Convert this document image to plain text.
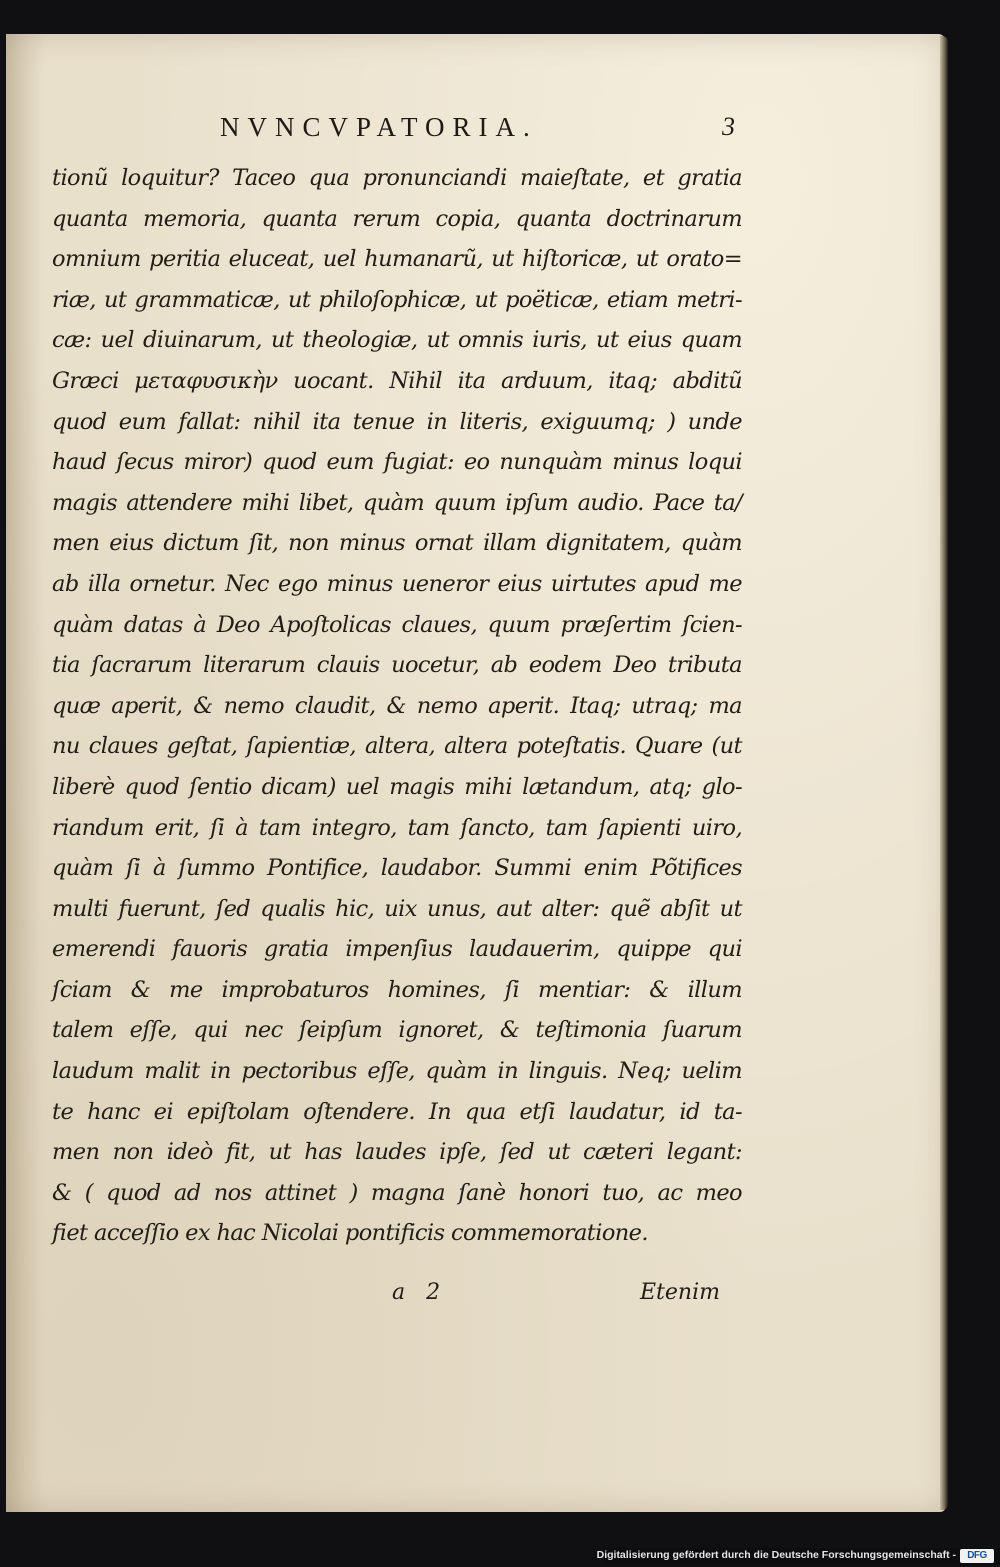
NVNCVPATORIA.	3
tionũ loquitur? Taceo qua pronunciandi maieſtate, et gratia
quanta memoria, quanta rerum copia, quanta doctrinarum
omnium peritia eluceat, uel humanarũ, ut hiſtoricæ, ut orato=
riæ, ut grammaticæ, ut philoſophicæ, ut poëticæ, etiam metri-
cæ: uel diuinarum, ut theologiæ, ut omnis iuris, ut eius quam
Græci μεταφυσικὴν uocant. Nihil ita arduum, itaq; abditũ
quod eum fallat: nihil ita tenue in literis, exiguumq; ) unde
haud ſecus miror) quod eum fugiat: eo nunquàm minus loqui
magis attendere mihi libet, quàm quum ipſum audio. Pace ta/
men eius dictum ſit, non minus ornat illam dignitatem, quàm
ab illa ornetur. Nec ego minus ueneror eius uirtutes apud me
quàm datas à Deo Apoſtolicas claues, quum præſertim ſcien-
tia ſacrarum literarum clauis uocetur, ab eodem Deo tributa
quæ aperit, & nemo claudit, & nemo aperit. Itaq; utraq; ma
nu claues geſtat, ſapientiæ, altera, altera poteſtatis. Quare (ut
liberè quod ſentio dicam) uel magis mihi lætandum, atq; glo-
riandum erit, ſi à tam integro, tam ſancto, tam ſapienti uiro,
quàm ſi à ſummo Pontifice, laudabor. Summi enim Põtifices
multi fuerunt, ſed qualis hic, uix unus, aut alter: quẽ abſit ut
emerendi fauoris gratia impenſius laudauerim, quippe qui
ſciam & me improbaturos homines, ſi mentiar: & illum
talem eſſe, qui nec ſeipſum ignoret, & teſtimonia ſuarum
laudum malit in pectoribus eſſe, quàm in linguis. Neq; uelim
te hanc ei epiſtolam oſtendere. In qua etſi laudatur, id ta-
men non ideò fit, ut has laudes ipſe, ſed ut cæteri legant:
& ( quod ad nos attinet ) magna ſanè honori tuo, ac meo
fiet acceſſio ex hac Nicolai pontificis commemoratione.
a   2	Etenim
Digitalisierung gefördert durch die Deutsche Forschungsgemeinschaft -	DFG
